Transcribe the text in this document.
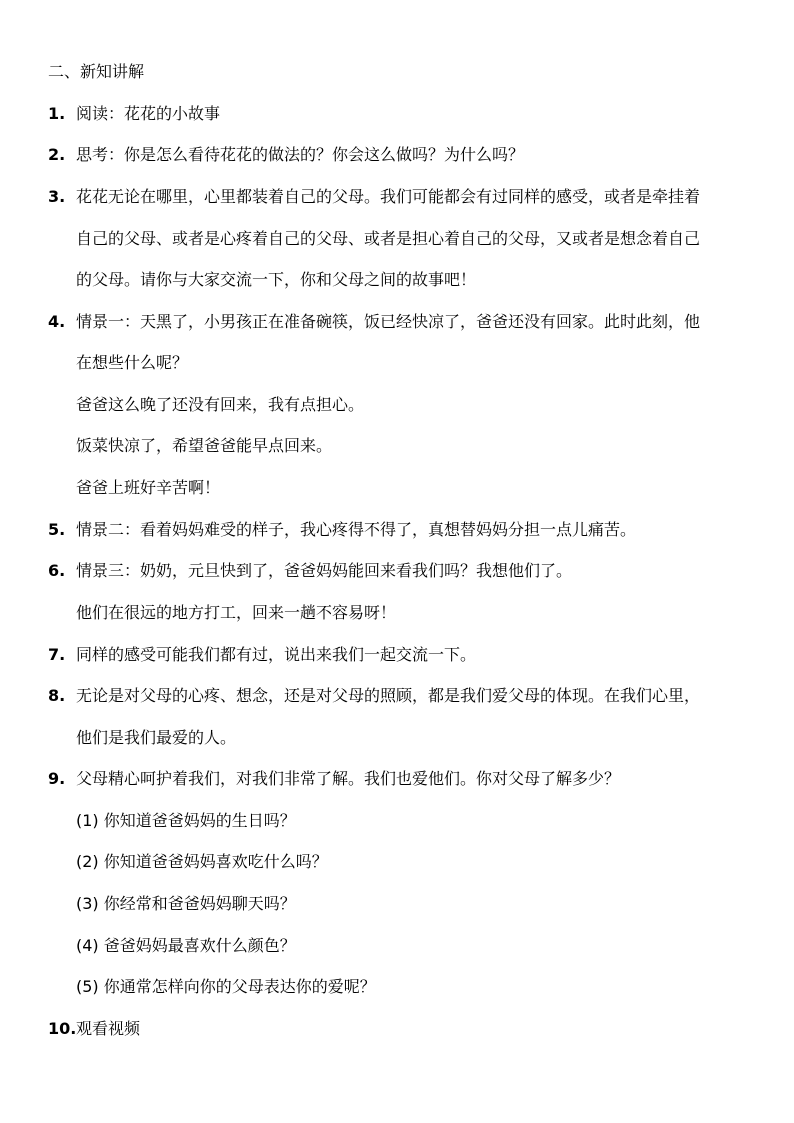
二、新知讲解
1. 阅读：花花的小故事
2. 思考：你是怎么看待花花的做法的？你会这么做吗？为什么吗？
3. 花花无论在哪里，心里都装着自己的父母。我们可能都会有过同样的感受，或者是牵挂着
自己的父母、或者是心疼着自己的父母、或者是担心着自己的父母，又或者是想念着自己
的父母。请你与大家交流一下，你和父母之间的故事吧！
4. 情景一：天黑了，小男孩正在准备碗筷，饭已经快凉了，爸爸还没有回家。此时此刻，他
在想些什么呢？
爸爸这么晚了还没有回来，我有点担心。
饭菜快凉了，希望爸爸能早点回来。
爸爸上班好辛苦啊！
5. 情景二：看着妈妈难受的样子，我心疼得不得了，真想替妈妈分担一点儿痛苦。
6. 情景三：奶奶，元旦快到了，爸爸妈妈能回来看我们吗？我想他们了。
他们在很远的地方打工，回来一趟不容易呀！
7. 同样的感受可能我们都有过，说出来我们一起交流一下。
8. 无论是对父母的心疼、想念，还是对父母的照顾，都是我们爱父母的体现。在我们心里，
他们是我们最爱的人。
9. 父母精心呵护着我们，对我们非常了解。我们也爱他们。你对父母了解多少？
(1) 你知道爸爸妈妈的生日吗？
(2) 你知道爸爸妈妈喜欢吃什么吗？
(3) 你经常和爸爸妈妈聊天吗？
(4) 爸爸妈妈最喜欢什么颜色？
(5) 你通常怎样向你的父母表达你的爱呢？
10. 观看视频
